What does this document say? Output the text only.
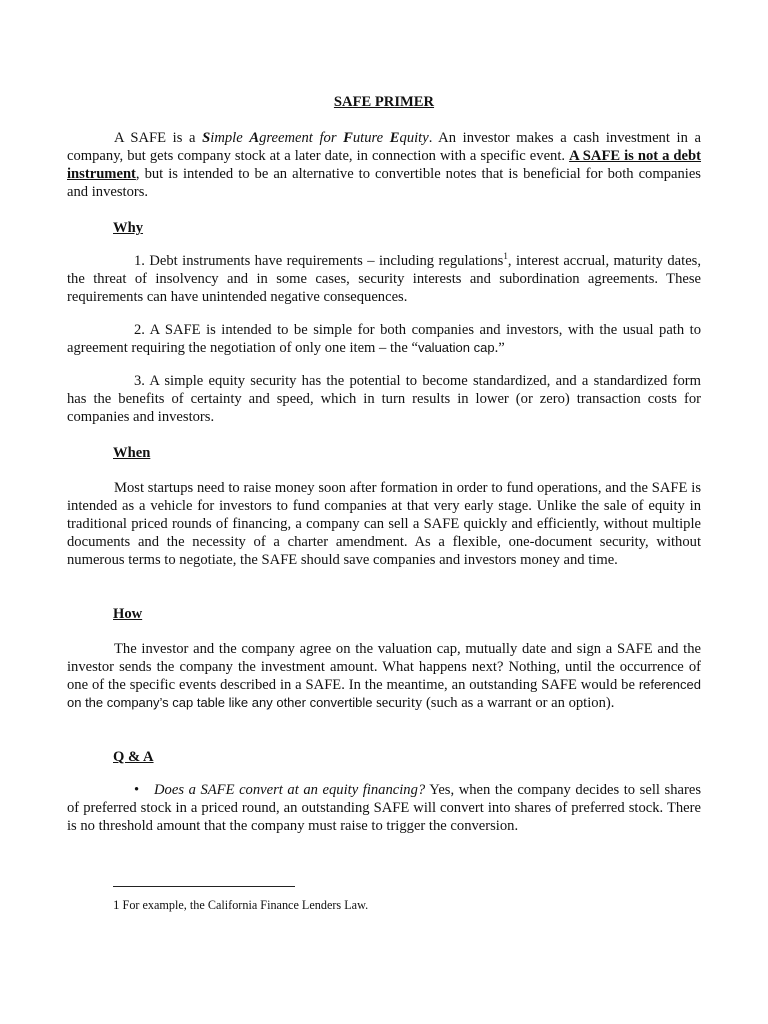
SAFE PRIMER

A SAFE is a Simple Agreement for Future Equity. An investor makes a cash investment in a company, but gets company stock at a later date, in connection with a specific event. A SAFE is not a debt instrument, but is intended to be an alternative to convertible notes that is beneficial for both companies and investors.

Why

1. Debt instruments have requirements – including regulations$^1$, interest accrual, maturity dates, the threat of insolvency and in some cases, security interests and subordination agreements. These requirements can have unintended negative consequences.

2. A SAFE is intended to be simple for both companies and investors, with the usual path to agreement requiring the negotiation of only one item – the “valuation cap.”

3. A simple equity security has the potential to become standardized, and a standardized form has the benefits of certainty and speed, which in turn results in lower (or zero) transaction costs for companies and investors.

When

Most startups need to raise money soon after formation in order to fund operations, and the SAFE is intended as a vehicle for investors to fund companies at that very early stage. Unlike the sale of equity in traditional priced rounds of financing, a company can sell a SAFE quickly and efficiently, without multiple documents and the necessity of a charter amendment. As a flexible, one-document security, without numerous terms to negotiate, the SAFE should save companies and investors money and time.

How

The investor and the company agree on the valuation cap, mutually date and sign a SAFE and the investor sends the company the investment amount. What happens next? Nothing, until the occurrence of one of the specific events described in a SAFE. In the meantime, an outstanding SAFE would be referenced on the company’s cap table like any other convertible security (such as a warrant or an option).

Q & A

• Does a SAFE convert at an equity financing? Yes, when the company decides to sell shares of preferred stock in a priced round, an outstanding SAFE will convert into shares of preferred stock. There is no threshold amount that the company must raise to trigger the conversion.

1 For example, the California Finance Lenders Law.
